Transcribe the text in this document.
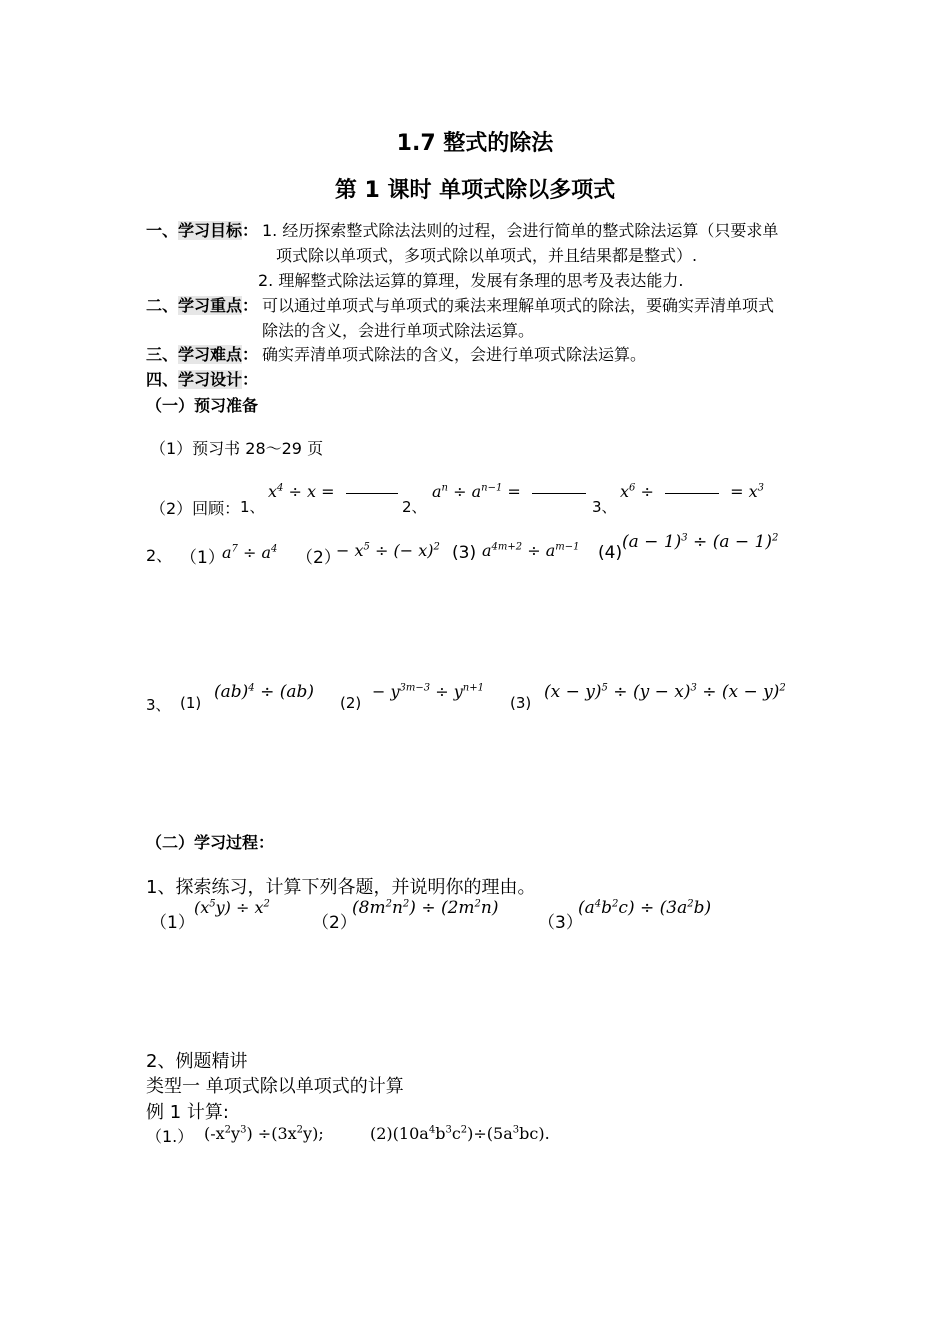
1.7 整式的除法
第 1 课时 单项式除以多项式
一、学习目标： 1. 经历探索整式除法法则的过程，会进行简单的整式除法运算（只要求单
项式除以单项式，多项式除以单项式，并且结果都是整式）.
2. 理解整式除法运算的算理，发展有条理的思考及表达能力.
二、学习重点： 可以通过单项式与单项式的乘法来理解单项式的除法，要确实弄清单项式
除法的含义，会进行单项式除法运算。
三、学习难点： 确实弄清单项式除法的含义，会进行单项式除法运算。
四、学习设计：
（一）预习准备
（1）预习书 28～29 页
（2）回顾： 1、
$x^4 \div x$ =
2、
$a^n \div a^{n-1}$ =
3、
$x^6$ ÷	= $x^3$
2、 （1）
$a^7 \div a^4$ （2）
− $x^5$ ÷ (− x)$^2$ (3) $a^{4m+2} \div a^{m-1}$ (4)
$(a - 1)^3 \div (a - 1)^2$
3、 (1)
(ab)$^4$ ÷ (ab)
(2)
− $y^{3m-3} \div y^{n+1}$
(3)
$(x - y)^5 \div (y - x)^3 \div (x - y)^2$
（二）学习过程：
1、探索练习，计算下列各题，并说明你的理由。
（1）
$(x^5y) \div x^2$
（2）
$(8m^2n^2) \div (2m^2n)$
（3）
$(a^4b^2c) \div (3a^2b)$
2、例题精讲
类型一 单项式除以单项式的计算
例 1 计算:
（1.） $(-x^2y^3) \div(3x^2y)$;	$(2)(10a^4b^3c^2)\div(5a^3bc)$.
